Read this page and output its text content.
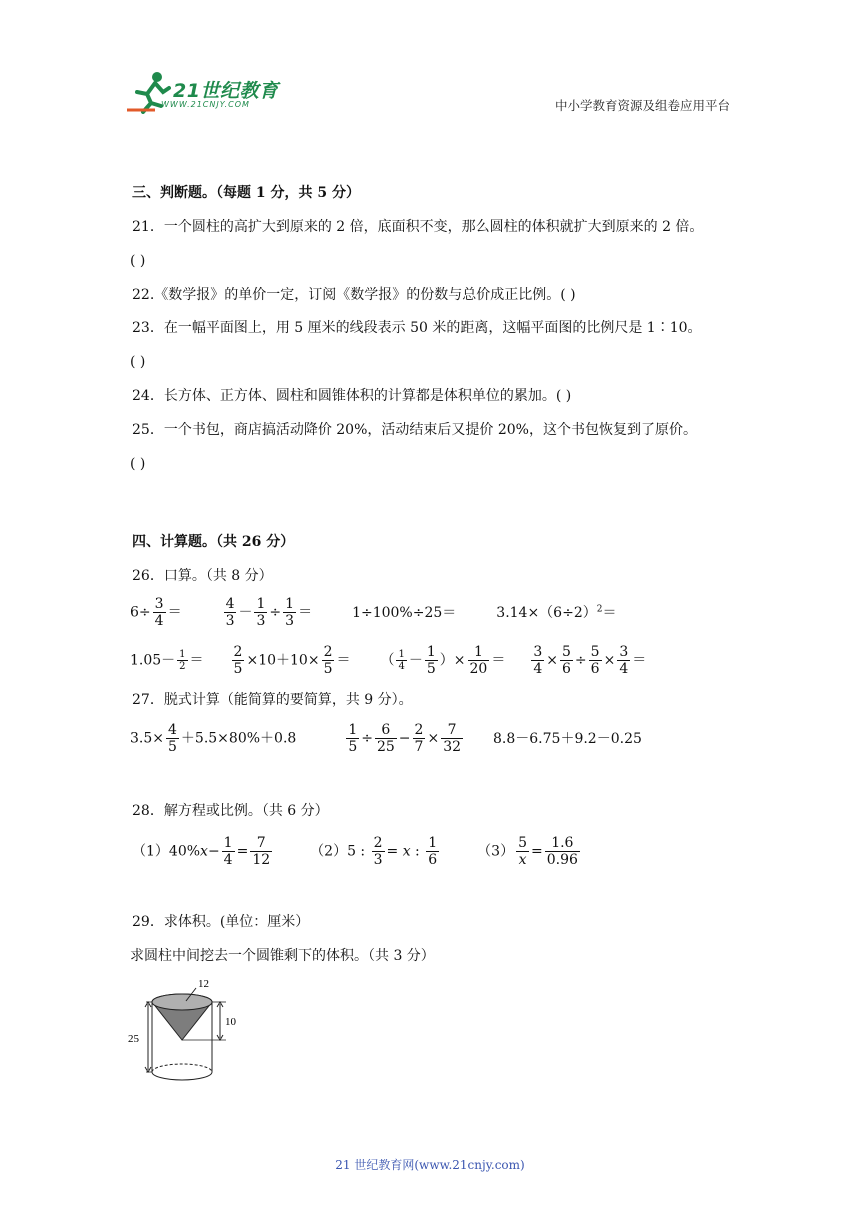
21世纪教育
WWW.21CNJY.COM	中小学教育资源及组卷应用平台
三、判断题。（每题 1 分，共 5 分）
21．一个圆柱的高扩大到原来的 2 倍，底面积不变，那么圆柱的体积就扩大到原来的 2 倍。
( )
22.《数学报》的单价一定，订阅《数学报》的份数与总价成正比例。( )
23．在一幅平面图上，用 5 厘米的线段表示 50 米的距离，这幅平面图的比例尺是 1∶10。
( )
24．长方体、正方体、圆柱和圆锥体积的计算都是体积单位的累加。( )
25．一个书包，商店搞活动降价 20%，活动结束后又提价 20%，这个书包恢复到了原价。
( )
四、计算题。（共 26 分）
26．口算。（共 8 分）
$6\div \frac{3}{4}$ ＝	$\frac{4}{3} - \frac{1}{3} \div \frac{1}{3}$ ＝	1÷100%÷25＝	$3.14\times(6\div 2)^2=$
$1.05- \frac{1}{2} = \frac{2}{5} \times 10+10\times \frac{2}{5}$ ＝ （ $\frac{1}{4} - \frac{1}{5}$ ）× $\frac{1}{20} = \frac{3}{4} \times \frac{5}{6} \div \frac{5}{6} \times \frac{3}{4}$ ＝
27．脱式计算（能简算的要简算，共 9 分）。
$3.5\times \frac{4}{5} +5.5\times 80\%+0.8$	$\frac{1}{5} \div \frac{6}{25} - \frac{2}{7} \times \frac{7}{32} 8.8-6.75+9.2-0.25$
28．解方程或比例。（共 6 分）
$(1)40\%x- \frac{1}{4} = \frac{7}{12}$	（2）5 : $\frac{2}{3} = x$ : $\frac{1}{6}$	$(3) \frac{5}{x} = \frac{1.6}{0.96}$
29．求体积。(单位：厘米）
求圆柱中间挖去一个圆锥剩下的体积。（共 3 分）
12
10
25
21 世纪教育网(www.21cnjy.com)
